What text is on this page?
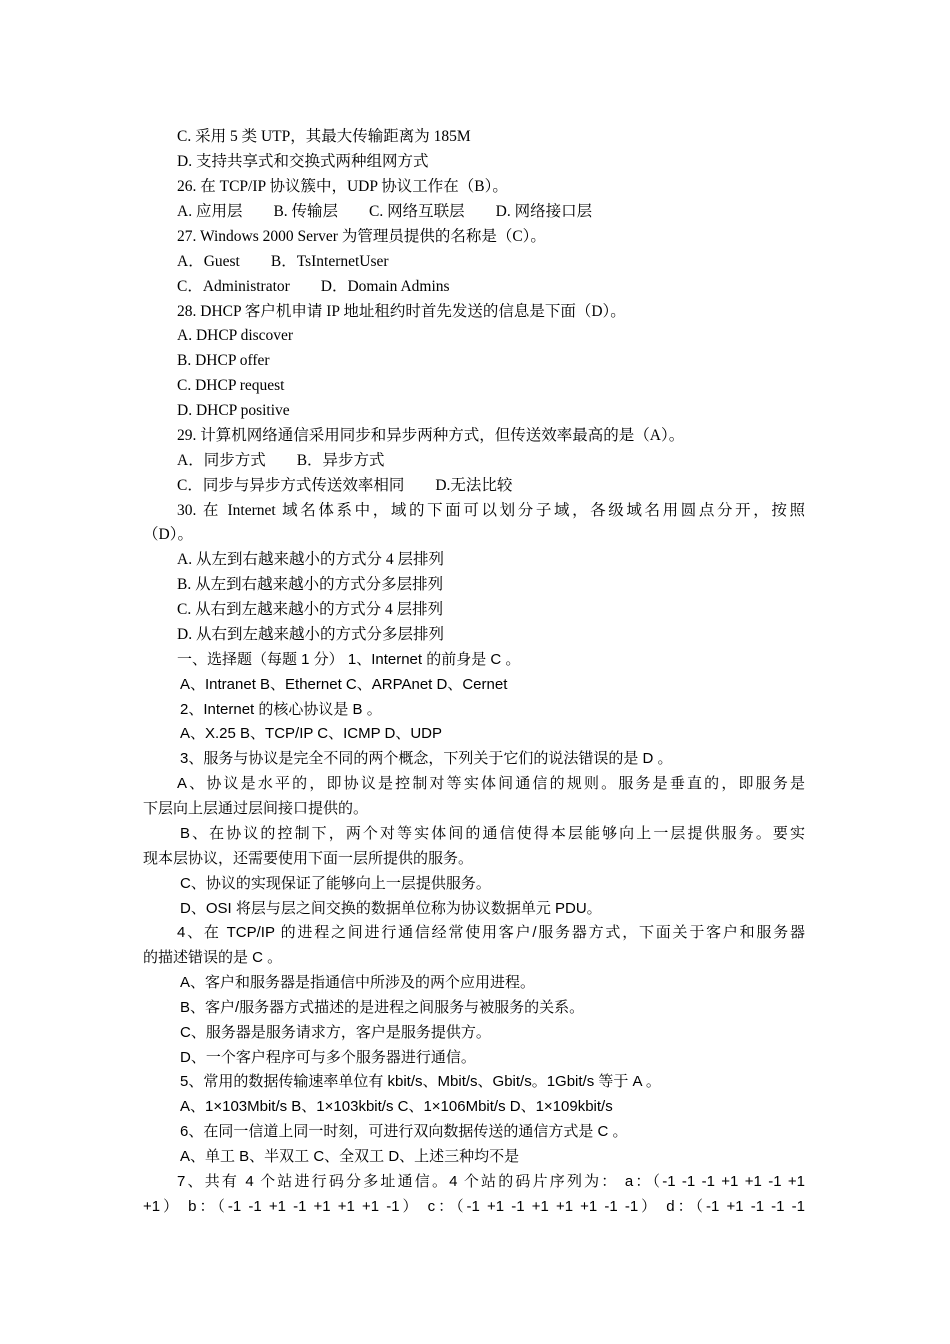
C. 采用 5 类 UTP，其最大传输距离为 185M
D. 支持共享式和交换式两种组网方式
26. 在 TCP/IP 协议簇中，UDP 协议工作在（B）。
A. 应用层　　B. 传输层　　C. 网络互联层　　D. 网络接口层
27. Windows 2000 Server 为管理员提供的名称是（C）。
A．Guest　　B．TsInternetUser
C．Administrator　　D．Domain Admins
28. DHCP 客户机申请 IP 地址租约时首先发送的信息是下面（D）。
A. DHCP discover
B. DHCP offer
C. DHCP request
D. DHCP positive
29. 计算机网络通信采用同步和异步两种方式，但传送效率最高的是（A）。
A．同步方式　　B．异步方式
C．同步与异步方式传送效率相同　　D.无法比较
30. 在 Internet 域名体系中，域的下面可以划分子域，各级域名用圆点分开，按照
（D）。
A. 从左到右越来越小的方式分 4 层排列
B. 从左到右越来越小的方式分多层排列
C. 从右到左越来越小的方式分 4 层排列
D. 从右到左越来越小的方式分多层排列
一、选择题（每题 1 分） 1、Internet 的前身是 C 。
A、Intranet B、Ethernet C、ARPAnet D、Cernet
2、Internet 的核心协议是 B 。
A、X.25 B、TCP/IP C、ICMP D、UDP
3、服务与协议是完全不同的两个概念，下列关于它们的说法错误的是 D 。
A、协议是水平的，即协议是控制对等实体间通信的规则。服务是垂直的，即服务是
下层向上层通过层间接口提供的。
B、在协议的控制下，两个对等实体间的通信使得本层能够向上一层提供服务。要实
现本层协议，还需要使用下面一层所提供的服务。
C、协议的实现保证了能够向上一层提供服务。
D、OSI 将层与层之间交换的数据单位称为协议数据单元 PDU。
4、在 TCP/IP 的进程之间进行通信经常使用客户/服务器方式，下面关于客户和服务器
的描述错误的是 C 。
A、客户和服务器是指通信中所涉及的两个应用进程。
B、客户/服务器方式描述的是进程之间服务与被服务的关系。
C、服务器是服务请求方，客户是服务提供方。
D、一个客户程序可与多个服务器进行通信。
5、常用的数据传输速率单位有 kbit/s、Mbit/s、Gbit/s。1Gbit/s 等于 A 。
A、1×103Mbit/s B、1×103kbit/s C、1×106Mbit/s D、1×109kbit/s
6、在同一信道上同一时刻，可进行双向数据传送的通信方式是 C 。
A、单工 B、半双工 C、全双工 D、上述三种均不是
7、共有 4 个站进行码分多址通信。4 个站的码片序列为： a：（-1 -1 -1 +1 +1 -1 +1
+1） b：（-1 -1 +1 -1 +1 +1 +1 -1） c：（-1 +1 -1 +1 +1 +1 -1 -1） d：（-1 +1 -1 -1 -1
